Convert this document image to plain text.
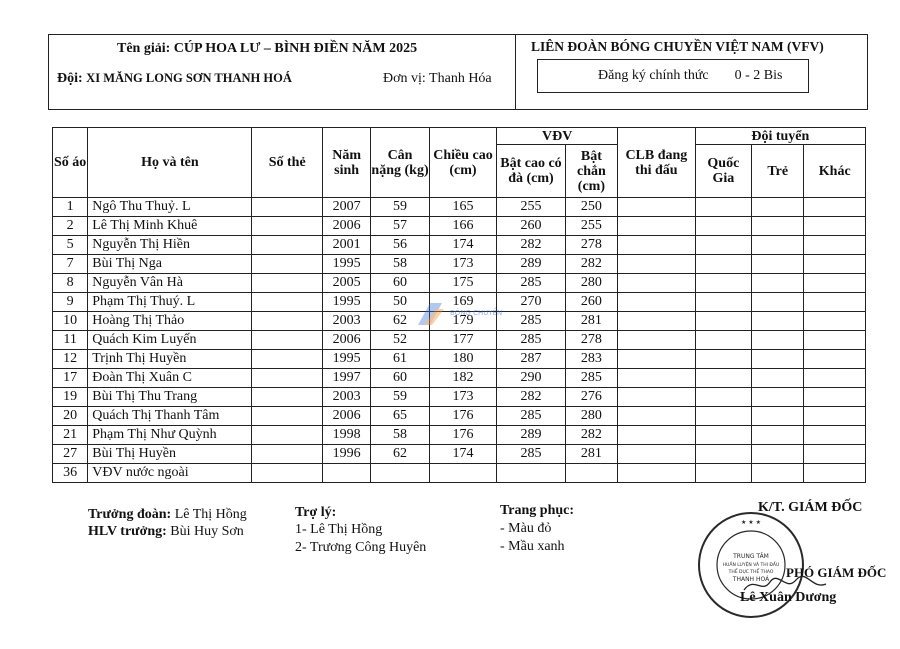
Tên giải: CÚP HOA LƯ – BÌNH ĐIỀN NĂM 2025
Đội: XI MĂNG LONG SƠN THANH HOÁ	Đơn vị: Thanh Hóa
LIÊN ĐOÀN BÓNG CHUYỀN VIỆT NAM (VFV)
Đăng ký chính thức 0 - 2 Bis
Số áo	Họ và tên	Số thẻ	Năm sinh	Cân nặng (kg)	Chiều cao (cm)	VĐV		CLB đang thi đấu	Đội tuyển		
						Bật cao có đà (cm)	Bật chắn (cm)		Quốc Gia	Trẻ	Khác
1	Ngô Thu Thuỷ. L		2007	59	165	255	250				
2	Lê Thị Minh Khuê		2006	57	166	260	255				
5	Nguyễn Thị Hiền		2001	56	174	282	278				
7	Bùi Thị Nga		1995	58	173	289	282				
8	Nguyễn Vân Hà		2005	60	175	285	280				
9	Phạm Thị Thuý. L		1995	50	169	270	260				
10	Hoàng Thị Thảo		2003	62	179	285	281				
11	Quách Kim Luyến		2006	52	177	285	278				
12	Trịnh Thị Huyền		1995	61	180	287	283				
17	Đoàn Thị Xuân C		1997	60	182	290	285				
19	Bùi Thị Thu Trang		2003	59	173	282	276				
20	Quách Thị Thanh Tâm		2006	65	176	285	280				
21	Phạm Thị Như Quỳnh		1998	58	176	289	282				
27	Bùi Thị Huyền		1996	62	174	285	281				
36	VĐV nước ngoài										
BÓNG CHUYỀN
Trưởng đoàn: Lê Thị Hồng
HLV trưởng: Bùi Huy Sơn
Trợ lý:
1- Lê Thị Hồng
2- Trương Công Huyên
Trang phục:
- Màu đỏ
- Mầu xanh
K/T. GIÁM ĐỐC
TRUNG TÂM
HUẤN LUYỆN VÀ THI ĐẤU
THỂ DỤC THỂ THAO
THANH HOÁ
★ ★ ★
PHÓ GIÁM ĐỐC
Lê Xuân Dương
